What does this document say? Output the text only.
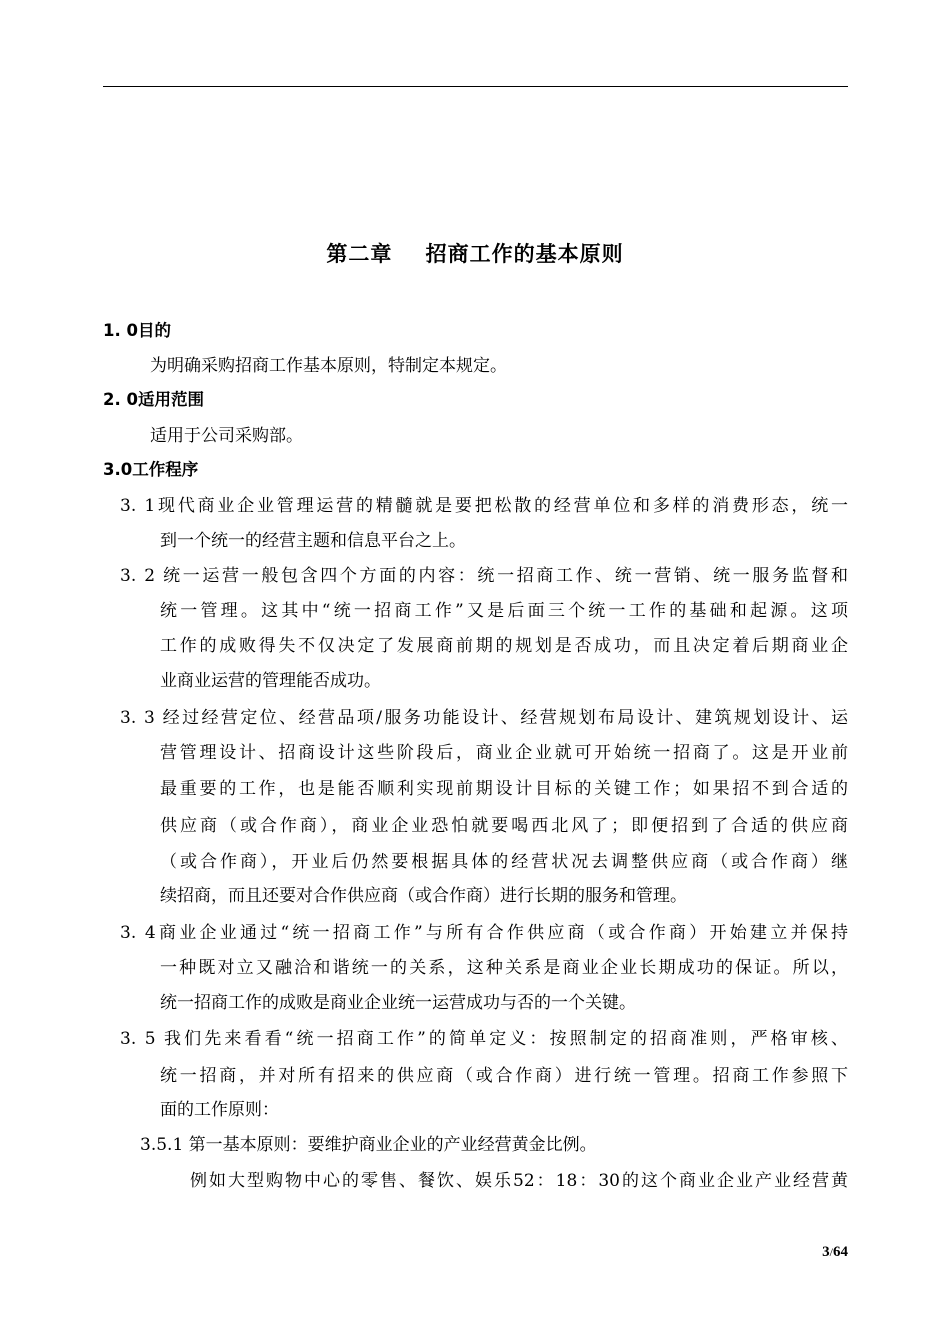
第二章    招商工作的基本原则
1. 0目的
为明确采购招商工作基本原则，特制定本规定。
2. 0适用范围
适用于公司采购部。
3.0工作程序
3. 1现代商业企业管理运营的精髓就是要把松散的经营单位和多样的消费形态，统一
到一个统一的经营主题和信息平台之上。
3. 2 统一运营一般包含四个方面的内容：统一招商工作、统一营销、统一服务监督和
统一管理。这其中“统一招商工作”又是后面三个统一工作的基础和起源。这项
工作的成败得失不仅决定了发展商前期的规划是否成功，而且决定着后期商业企
业商业运营的管理能否成功。
3. 3 经过经营定位、经营品项/服务功能设计、经营规划布局设计、建筑规划设计、运
营管理设计、招商设计这些阶段后，商业企业就可开始统一招商了。这是开业前
最重要的工作，也是能否顺利实现前期设计目标的关键工作；如果招不到合适的
供应商（或合作商），商业企业恐怕就要喝西北风了；即便招到了合适的供应商
（或合作商），开业后仍然要根据具体的经营状况去调整供应商（或合作商）继
续招商，而且还要对合作供应商（或合作商）进行长期的服务和管理。
3. 4商业企业通过“统一招商工作”与所有合作供应商（或合作商）开始建立并保持
一种既对立又融洽和谐统一的关系，这种关系是商业企业长期成功的保证。所以，
统一招商工作的成败是商业企业统一运营成功与否的一个关键。
3. 5 我们先来看看“统一招商工作”的简单定义：按照制定的招商准则，严格审核、
统一招商，并对所有招来的供应商（或合作商）进行统一管理。招商工作参照下
面的工作原则：
3.5.1 第一基本原则：要维护商业企业的产业经营黄金比例。
例如大型购物中心的零售、餐饮、娱乐52：18：30的这个商业企业产业经营黄
3/64
